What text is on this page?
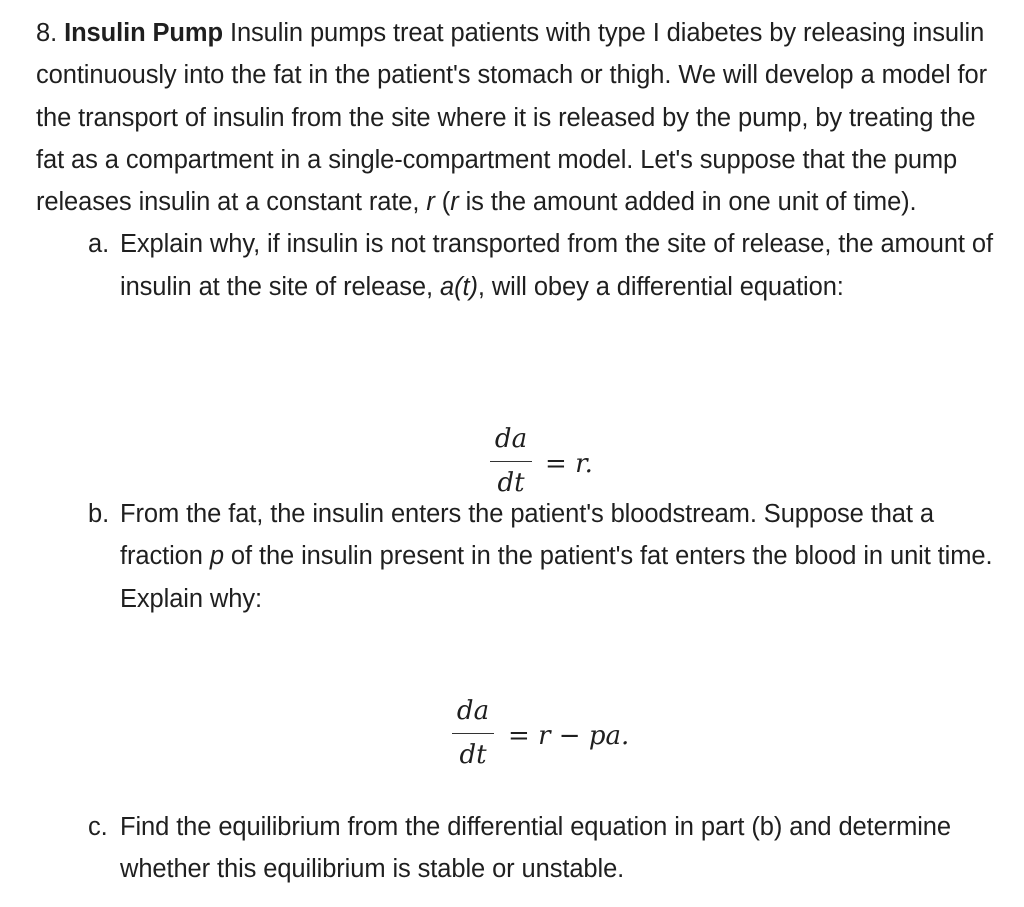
8. Insulin Pump Insulin pumps treat patients with type I diabetes by releasing insulin continuously into the fat in the patient's stomach or thigh. We will develop a model for the transport of insulin from the site where it is released by the pump, by treating the fat as a compartment in a single-compartment model. Let's suppose that the pump releases insulin at a constant rate, r (r is the amount added in one unit of time).

a. Explain why, if insulin is not transported from the site of release, the amount of insulin at the site of release, a(t), will obey a differential equation:
b. From the fat, the insulin enters the patient's bloodstream. Suppose that a fraction p of the insulin present in the patient's fat enters the blood in unit time. Explain why:
c. Find the equilibrium from the differential equation in part (b) and determine whether this equilibrium is stable or unstable.
da
dt
= r.
da
dt
= r − pa.
